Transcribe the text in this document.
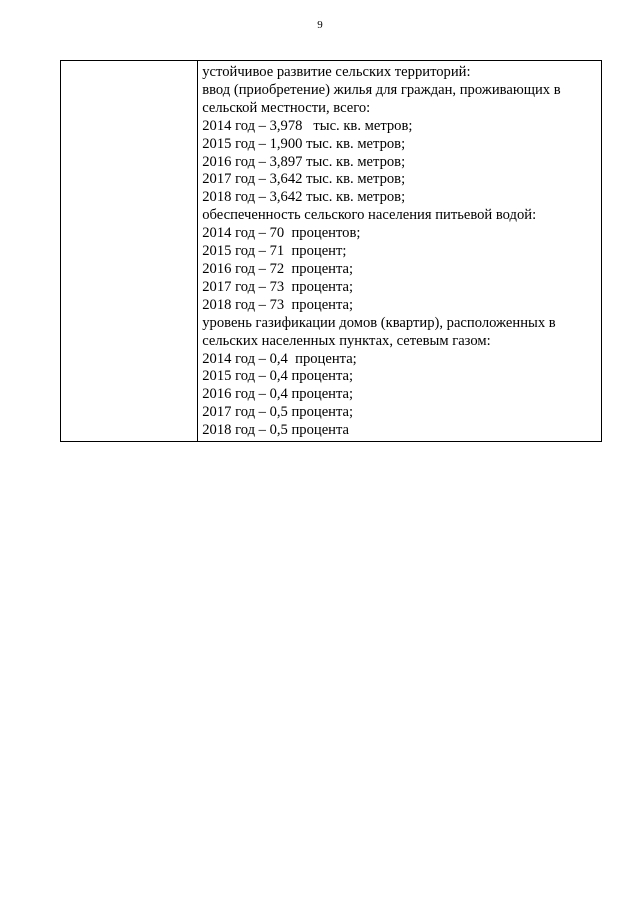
9

устойчивое развитие сельских территорий:
ввод (приобретение) жилья для граждан, проживающих в
сельской местности, всего:
2014 год – 3,978   тыс. кв. метров;
2015 год – 1,900 тыс. кв. метров;
2016 год – 3,897 тыс. кв. метров;
2017 год – 3,642 тыс. кв. метров;
2018 год – 3,642 тыс. кв. метров;
обеспеченность сельского населения питьевой водой:
2014 год – 70  процентов;
2015 год – 71  процент;
2016 год – 72  процента;
2017 год – 73  процента;
2018 год – 73  процента;
уровень газификации домов (квартир), расположенных в
сельских населенных пунктах, сетевым газом:
2014 год – 0,4  процента;
2015 год – 0,4 процента;
2016 год – 0,4 процента;
2017 год – 0,5 процента;
2018 год – 0,5 процента
